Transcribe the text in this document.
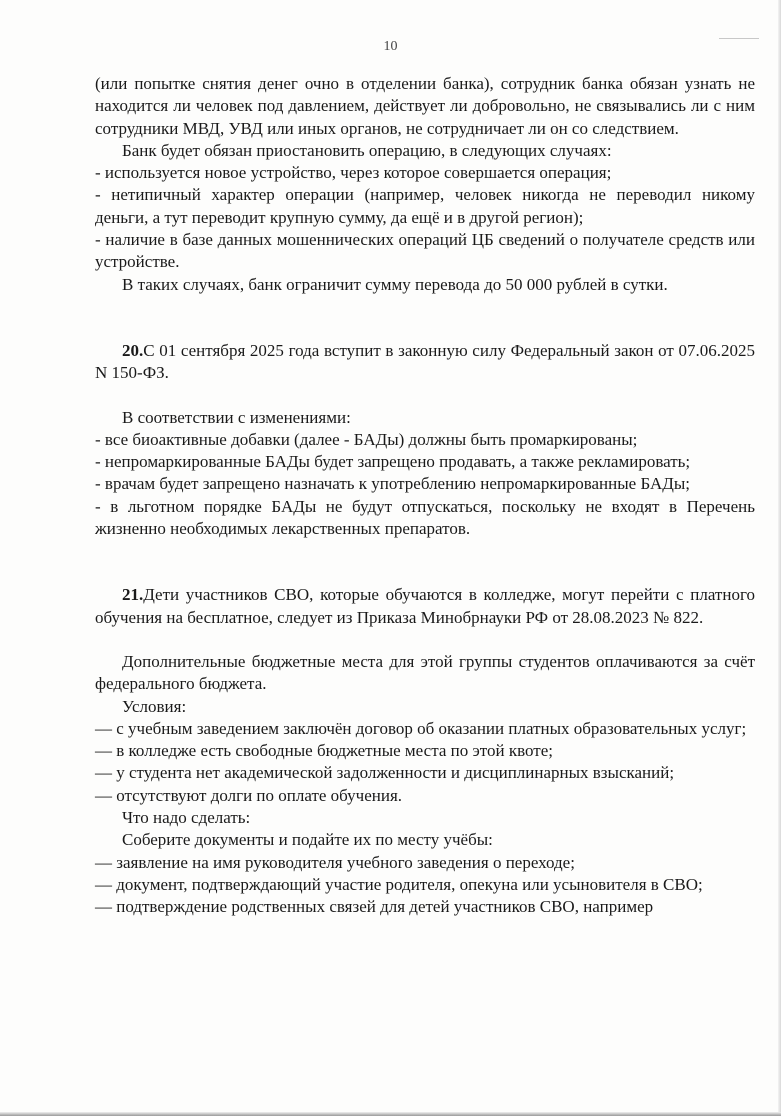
10

(или попытке снятия денег очно в отделении банка), сотрудник банка обязан узнать не находится ли человек под давлением, действует ли добровольно, не связывались ли с ним сотрудники МВД, УВД или иных органов, не сотрудничает ли он со следствием.

Банк будет обязан приостановить операцию, в следующих случаях:

- используется новое устройство, через которое совершается операция;

- нетипичный характер операции (например, человек никогда не переводил никому деньги, а тут переводит крупную сумму, да ещё и в другой регион);

- наличие в базе данных мошеннических операций ЦБ сведений о получателе средств или устройстве.

В таких случаях, банк ограничит сумму перевода до 50 000 рублей в сутки.

20.С 01 сентября 2025 года вступит в законную силу Федеральный закон от 07.06.2025 N 150-ФЗ.

В соответствии с изменениями:

- все биоактивные добавки (далее - БАДы) должны быть промаркированы;

- непромаркированные БАДы будет запрещено продавать, а также рекламировать;

- врачам будет запрещено назначать к употреблению непромаркированные БАДы;

- в льготном порядке БАДы не будут отпускаться, поскольку не входят в Перечень жизненно необходимых лекарственных препаратов.

21.Дети участников СВО, которые обучаются в колледже, могут перейти с платного обучения на бесплатное, следует из Приказа Минобрнауки РФ от 28.08.2023 № 822.

Дополнительные бюджетные места для этой группы студентов оплачиваются за счёт федерального бюджета.

Условия:

— с учебным заведением заключён договор об оказании платных образовательных услуг;

— в колледже есть свободные бюджетные места по этой квоте;

— у студента нет академической задолженности и дисциплинарных взысканий;

— отсутствуют долги по оплате обучения.

Что надо сделать:

Соберите документы и подайте их по месту учёбы:

— заявление на имя руководителя учебного заведения о переходе;

— документ, подтверждающий участие родителя, опекуна или усыновителя в СВО;

— подтверждение родственных связей для детей участников СВО, например
